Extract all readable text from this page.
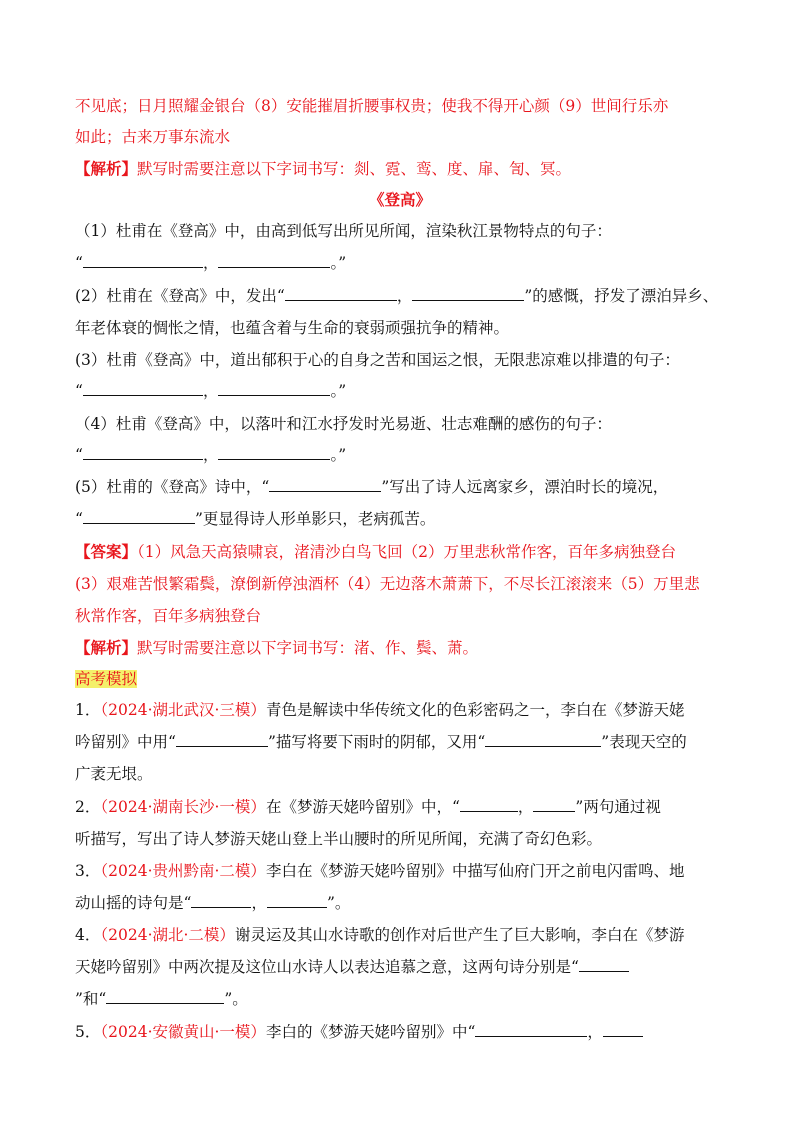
不见底；日月照耀金银台（8）安能摧眉折腰事权贵；使我不得开心颜（9）世间行乐亦
如此；古来万事东流水
【解析】默写时需要注意以下字词书写：剡、霓、鸾、度、扉、訇、冥。
《登高》
（1）杜甫在《登高》中，由高到低写出所见所闻，渲染秋江景物特点的句子：
“	，	。”
(2）杜甫在《登高》中，发出“	，	”的感慨，抒发了漂泊异乡、
年老体衰的惆怅之情，也蕴含着与生命的衰弱顽强抗争的精神。
(3）杜甫《登高》中，道出郁积于心的自身之苦和国运之恨，无限悲凉难以排遣的句子：
“	，	。”
（4）杜甫《登高》中，以落叶和江水抒发时光易逝、壮志难酬的感伤的句子：
“	，	。”
(5）杜甫的《登高》诗中，“	”写出了诗人远离家乡，漂泊时长的境况，
“	”更显得诗人形单影只，老病孤苦。
【答案】（1）风急天高猿啸哀，渚清沙白鸟飞回（2）万里悲秋常作客，百年多病独登台
(3）艰难苦恨繁霜鬓，潦倒新停浊酒杯（4）无边落木萧萧下，不尽长江滚滚来（5）万里悲
秋常作客，百年多病独登台
【解析】默写时需要注意以下字词书写：渚、作、鬓、萧。
高考模拟
1．（2024·湖北武汉·三模）青色是解读中华传统文化的色彩密码之一，李白在《梦游天姥
吟留别》中用“	”描写将要下雨时的阴郁，又用“	”表现天空的
广袤无垠。
2．（2024·湖南长沙·一模）在《梦游天姥吟留别》中，“	，	”两句通过视
听描写，写出了诗人梦游天姥山登上半山腰时的所见所闻，充满了奇幻色彩。
3．（2024·贵州黔南·二模）李白在《梦游天姥吟留别》中描写仙府门开之前电闪雷鸣、地
动山摇的诗句是“	，	”。
4．（2024·湖北·二模）谢灵运及其山水诗歌的创作对后世产生了巨大影响，李白在《梦游
天姥吟留别》中两次提及这位山水诗人以表达追慕之意，这两句诗分别是“
”和“	”。
5．（2024·安徽黄山·一模）李白的《梦游天姥吟留别》中“	，
